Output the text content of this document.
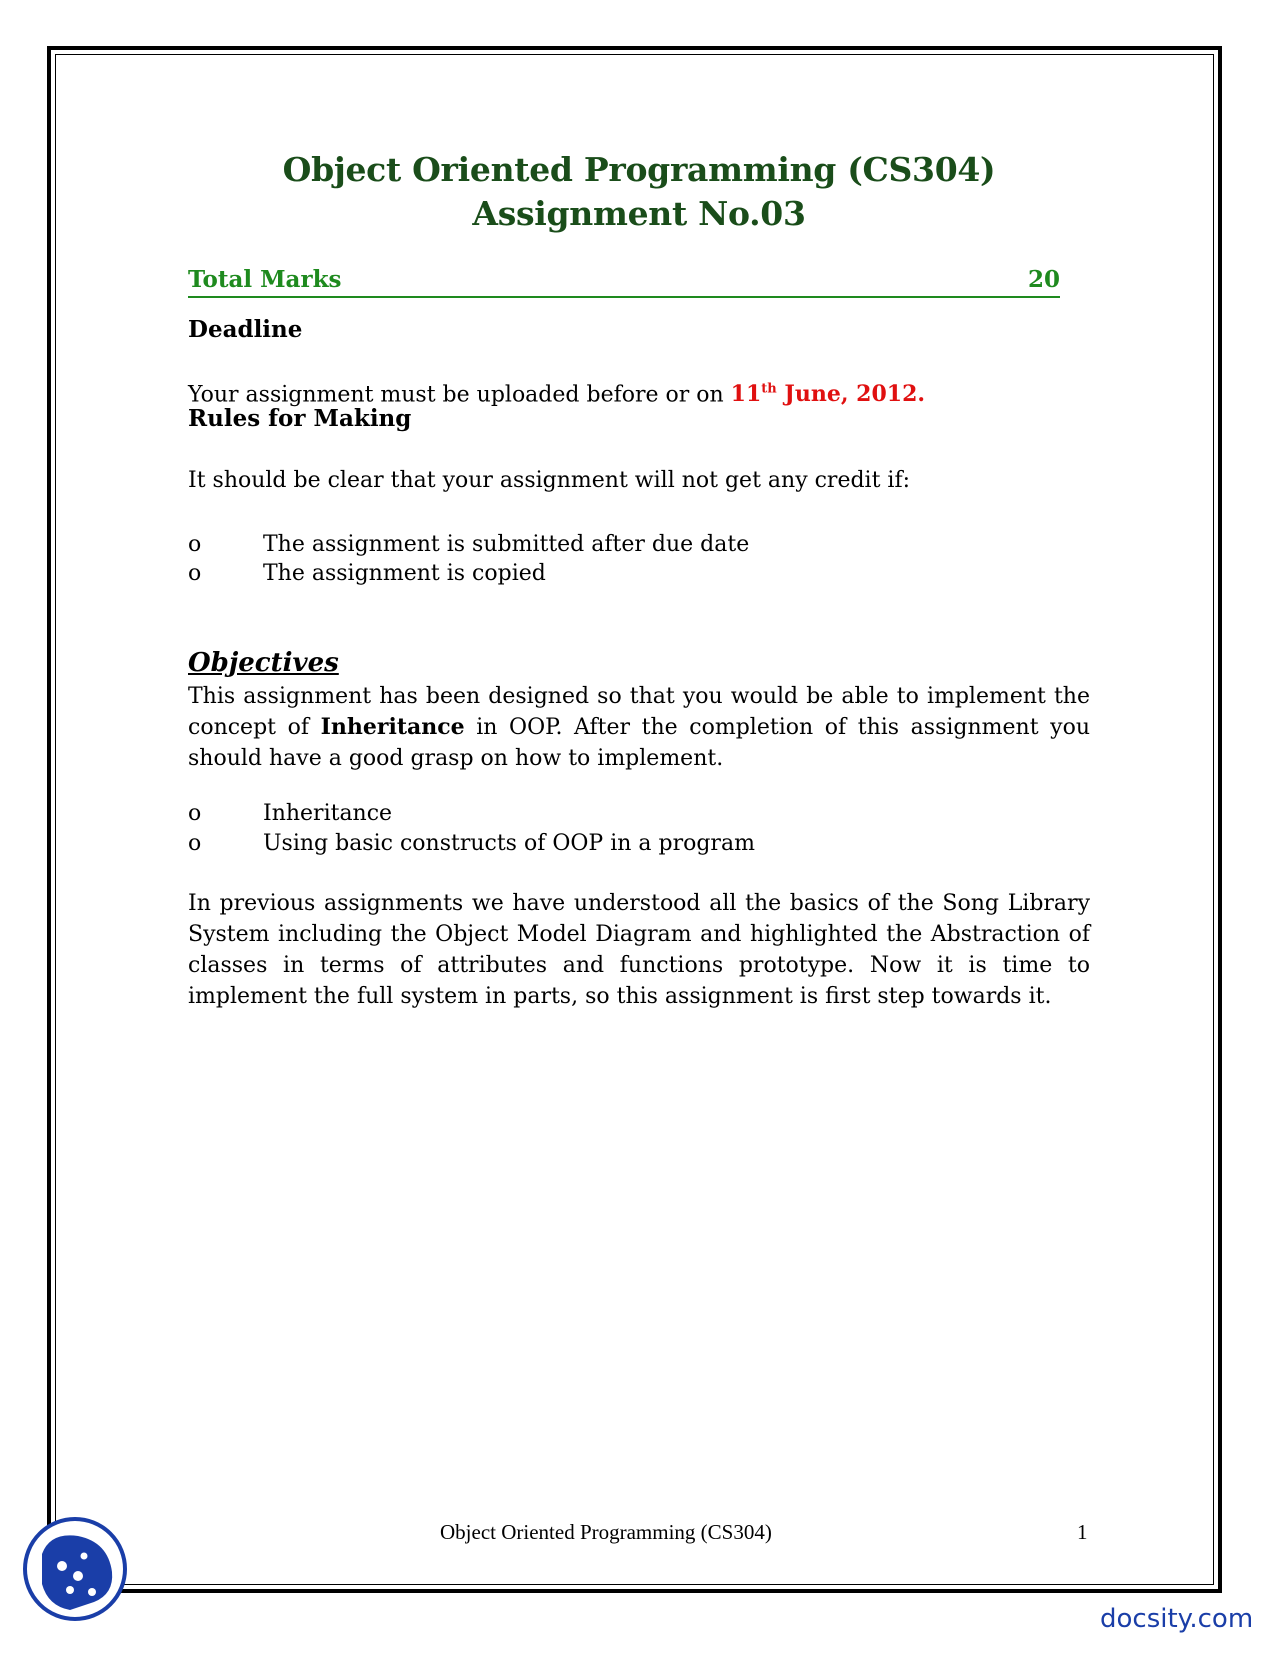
Object Oriented Programming (CS304)
Assignment No.03
Total Marks	20
Deadline
Your assignment must be uploaded before or on 11th June, 2012.
Rules for Making
It should be clear that your assignment will not get any credit if:
o	The assignment is submitted after due date
o	The assignment is copied
Objectives
This assignment has been designed so that you would be able to implement the concept of Inheritance in OOP. After the completion of this assignment you should have a good grasp on how to implement.
o	Inheritance
o	Using basic constructs of OOP in a program
In previous assignments we have understood all the basics of the Song Library System including the Object Model Diagram and highlighted the Abstraction of classes in terms of attributes and functions prototype. Now it is time to implement the full system in parts, so this assignment is first step towards it.
Object Oriented Programming (CS304)	1
docsity.com
